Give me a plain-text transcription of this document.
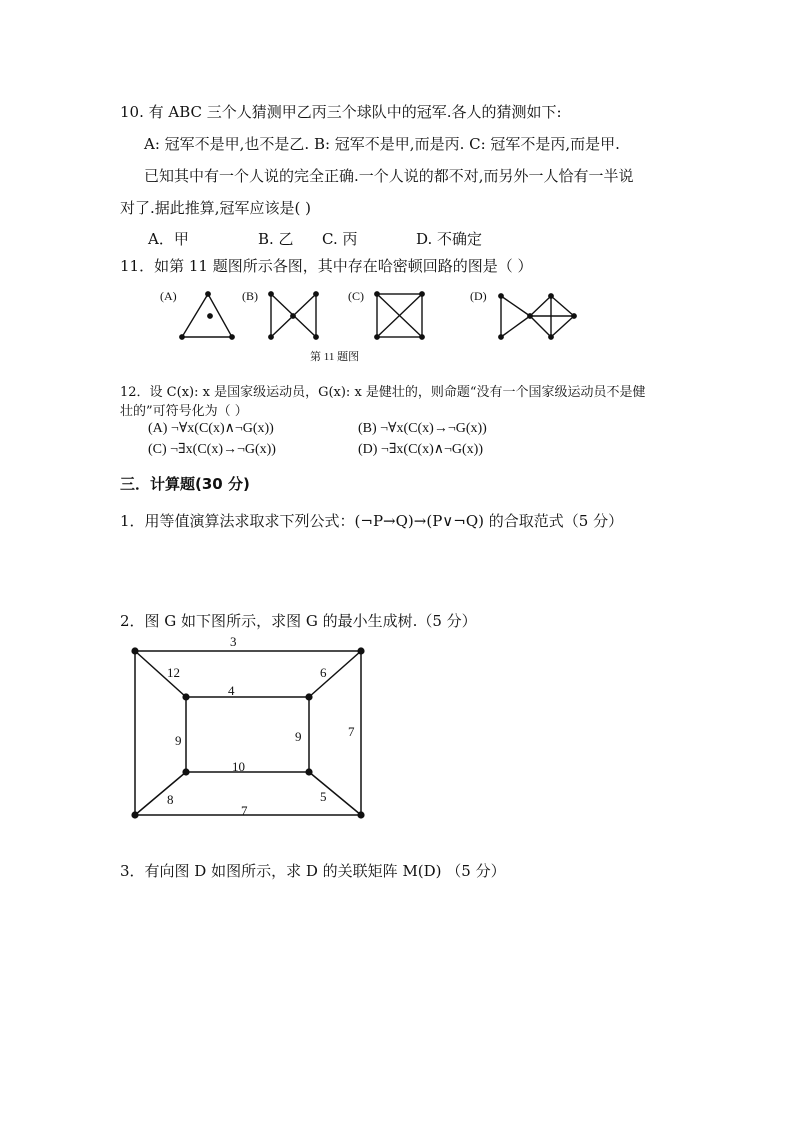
10. 有 ABC 三个人猜测甲乙丙三个球队中的冠军.各人的猜测如下:
A: 冠军不是甲,也不是乙. B: 冠军不是甲,而是丙. C: 冠军不是丙,而是甲.
已知其中有一个人说的完全正确.一个人说的都不对,而另外一人恰有一半说
对了.据此推算,冠军应该是( )
A．甲	B. 乙 C. 丙	D. 不确定
11．如第 11 题图所示各图，其中存在哈密顿回路的图是（ ）
(A)	(B)	(C)	(D)
第 11 题图
12．设 C(x): x 是国家级运动员，G(x): x 是健壮的，则命题“没有一个国家级运动员不是健
壮的”可符号化为（ ）
(A) ¬∀x(C(x)∧¬G(x))	(B) ¬∀x(C(x)→¬G(x))
(C) ¬∃x(C(x)→¬G(x))	(D) ¬∃x(C(x)∧¬G(x))
三．计算题(30 分)
1．用等值演算法求取求下列公式：(¬P→Q)→(P∨¬Q) 的合取范式（5 分）
2．图 G 如下图所示，求图 G 的最小生成树.（5 分）
3
12	6
4
9	9	7
10
8	5
7
3．有向图 D 如图所示，求 D 的关联矩阵 M(D) （5 分）
